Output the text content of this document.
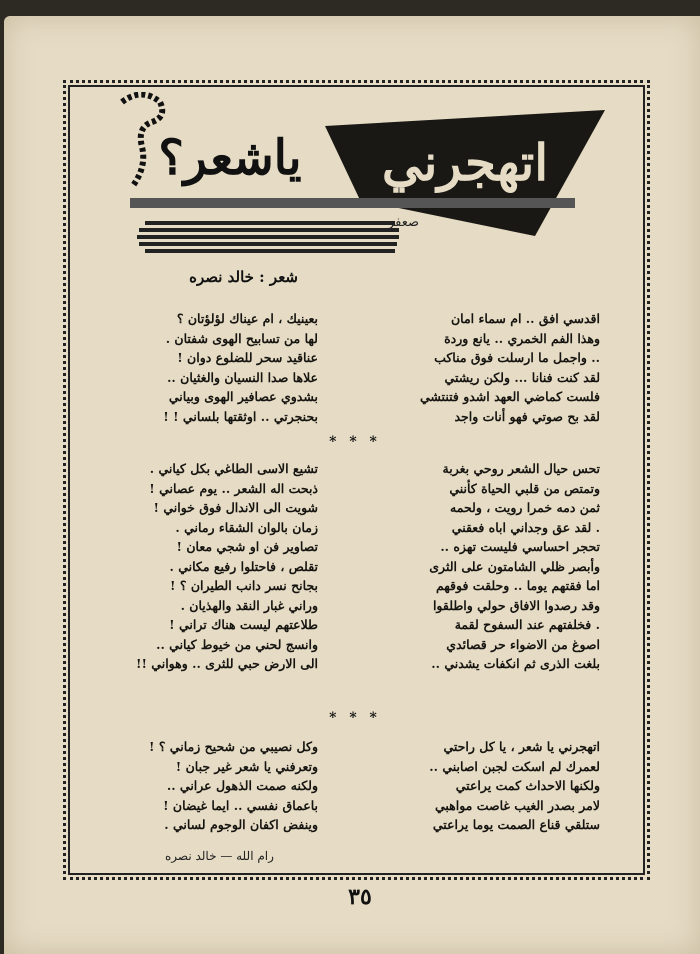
اتهجرني
ياشعر؟
صعفر
شعر : خالد نصره
اقدسي افق .. ام سماء امان
وهذا الفم الخمري .. يانع وردة
.. واجمل ما ارسلت فوق مناكب
لقد كنت فنانا ... ولكن ريشتي
فلست كماضي العهد اشدو فتنتشي
لقد بح صوتي فهو أنات واجد
بعينيك ، ام عيناك لؤلؤتان ؟
لها من تسابيح الهوى شفتان .
عناقيد سحر للضلوع دوان !
علاها صدا النسيان والغثيان ..
بشدوي عصافير الهوى وبياني
بحنجرتي .. اوثقتها بلساني ! !
* * *
تحس حيال الشعر روحي بغربة
وتمتص من قلبي الحياة كأنني
ثمن دمه خمرا رويت ، ولحمه
. لقد عق وجداني اباه فعقني
تحجر احساسي فليست تهزه ..
وأبصر ظلي الشامتون على الثرى
اما فقتهم يوما .. وحلقت فوقهم
وقد رصدوا الافاق حولي واطلقوا
. فخلفتهم عند السفوح لقمة
اصوغ من الاضواء حر قصائدي
بلغت الذرى ثم انكفات يشدني ..
تشيع الاسى الطاغي بكل كياني .
ذبحت اله الشعر .. يوم عصاني !
شويت الى الاندال فوق خواني !
زمان بالوان الشقاء رماني .
تصاوير فن او شجي معان !
تقلص ، فاحتلوا رفيع مكاني .
بجانح نسر دانب الطيران ؟ !
وراني غبار النقد والهذيان .
طلاعتهم ليست هناك تراني !
وانسج لحني من خيوط كياني ..
الى الارض حبي للثرى .. وهواني !!
* * *
اتهجرني يا شعر ، يا كل راحتي
لعمرك لم اسكت لجبن اصابني ..
ولكنها الاحداث كمت يراعتي
لامر بصدر الغيب غاصت مواهبي
ستلقي قناع الصمت يوما يراعتي
وكل نصيبي من شحيح زماني ؟ !
وتعرفني يا شعر غير جبان !
ولكنه صمت الذهول عراني ..
باعماق نفسي .. ايما غيضان !
وينفض اكفان الوجوم لساني .
رام الله — خالد نصره
٣٥
